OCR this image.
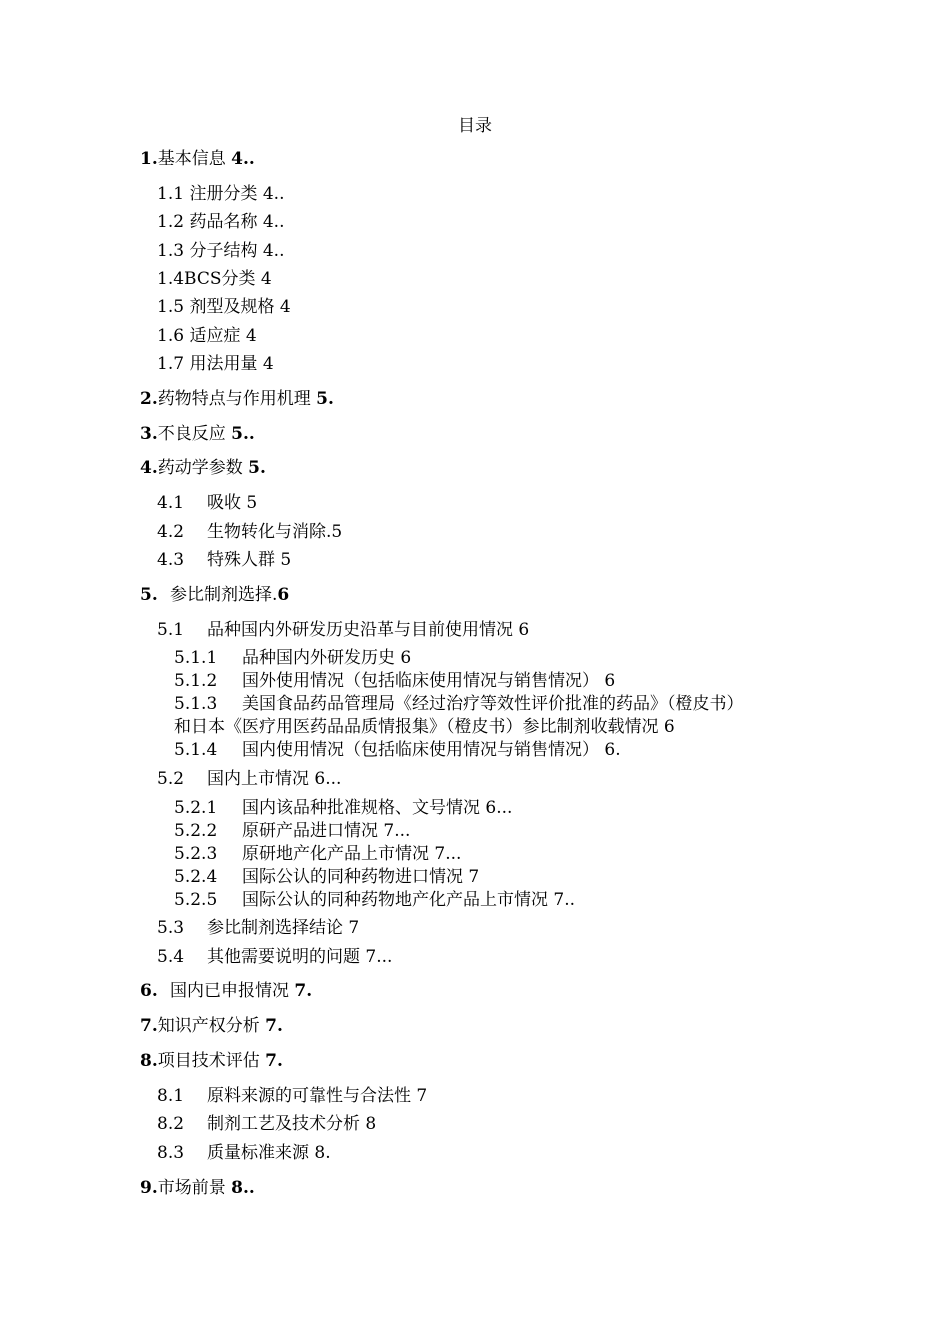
目录
1.基本信息 4..
1.1 注册分类 4..
1.2 药品名称 4..
1.3 分子结构 4..
1.4BCS分类 4
1.5 剂型及规格 4
1.6 适应症 4
1.7 用法用量 4
2.药物特点与作用机理 5.
3.不良反应 5..
4.药动学参数 5.
4.1 吸收 5
4.2 生物转化与消除.5
4.3 特殊人群 5
5. 参比制剂选择.6
5.1 品种国内外研发历史沿革与目前使用情况 6
5.1.1 品种国内外研发历史 6
5.1.2 国外使用情况（包括临床使用情况与销售情况） 6
5.1.3 美国食品药品管理局《经过治疗等效性评价批准的药品》（橙皮书）
和日本《医疗用医药品品质情报集》（橙皮书）参比制剂收载情况 6
5.1.4 国内使用情况（包括临床使用情况与销售情况） 6.
5.2 国内上市情况 6...
5.2.1 国内该品种批准规格、文号情况 6...
5.2.2 原研产品进口情况 7...
5.2.3 原研地产化产品上市情况 7...
5.2.4 国际公认的同种药物进口情况 7
5.2.5 国际公认的同种药物地产化产品上市情况 7..
5.3 参比制剂选择结论 7
5.4 其他需要说明的问题 7...
6. 国内已申报情况 7.
7.知识产权分析 7.
8.项目技术评估 7.
8.1 原料来源的可靠性与合法性 7
8.2 制剂工艺及技术分析 8
8.3 质量标准来源 8.
9.市场前景 8..
